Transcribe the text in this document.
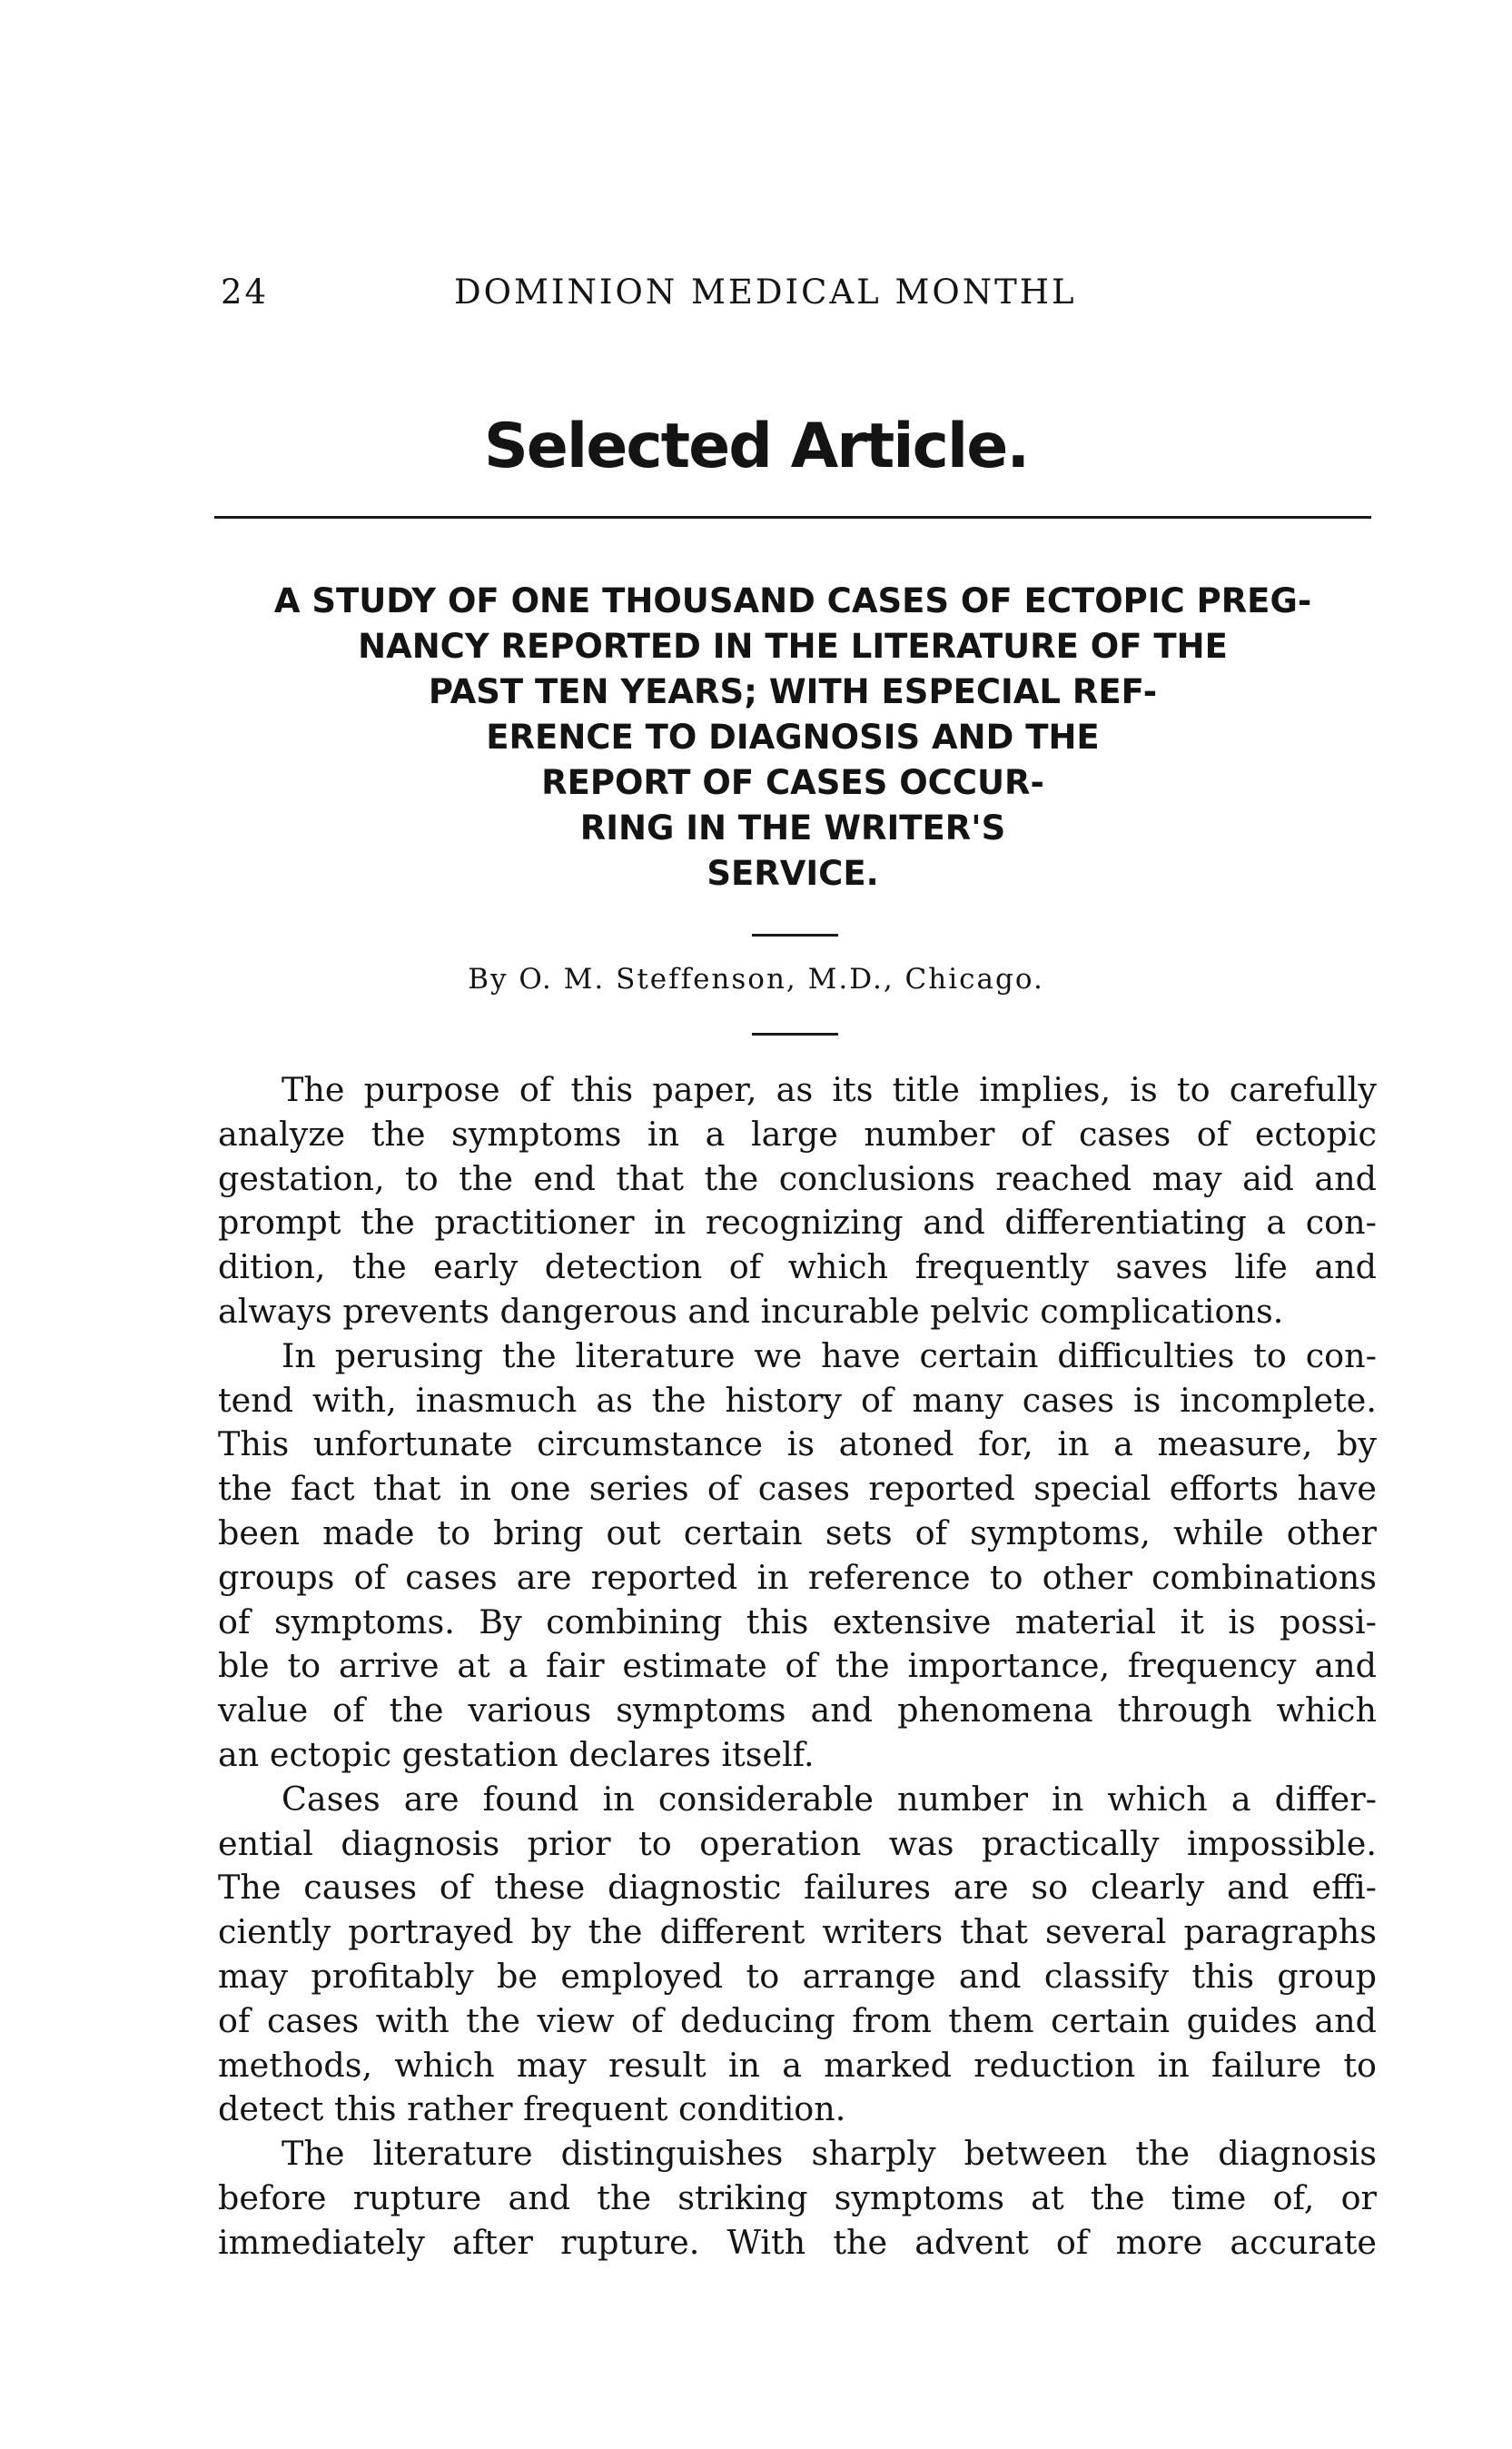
24	DOMINION MEDICAL MONTHL
Selected Article.
A STUDY OF ONE THOUSAND CASES OF ECTOPIC PREG-
NANCY REPORTED IN THE LITERATURE OF THE
PAST TEN YEARS; WITH ESPECIAL REF-
ERENCE TO DIAGNOSIS AND THE
REPORT OF CASES OCCUR-
RING IN THE WRITER'S
SERVICE.
By O. M. Steffenson, M.D., Chicago.
The purpose of this paper, as its title implies, is to carefully
analyze the symptoms in a large number of cases of ectopic
gestation, to the end that the conclusions reached may aid and
prompt the practitioner in recognizing and differentiating a con-
dition, the early detection of which frequently saves life and
always prevents dangerous and incurable pelvic complications.
In perusing the literature we have certain difficulties to con-
tend with, inasmuch as the history of many cases is incomplete.
This unfortunate circumstance is atoned for, in a measure, by
the fact that in one series of cases reported special efforts have
been made to bring out certain sets of symptoms, while other
groups of cases are reported in reference to other combinations
of symptoms. By combining this extensive material it is possi-
ble to arrive at a fair estimate of the importance, frequency and
value of the various symptoms and phenomena through which
an ectopic gestation declares itself.
Cases are found in considerable number in which a differ-
ential diagnosis prior to operation was practically impossible.
The causes of these diagnostic failures are so clearly and effi-
ciently portrayed by the different writers that several paragraphs
may profitably be employed to arrange and classify this group
of cases with the view of deducing from them certain guides and
methods, which may result in a marked reduction in failure to
detect this rather frequent condition.
The literature distinguishes sharply between the diagnosis
before rupture and the striking symptoms at the time of, or
immediately after rupture. With the advent of more accurate
